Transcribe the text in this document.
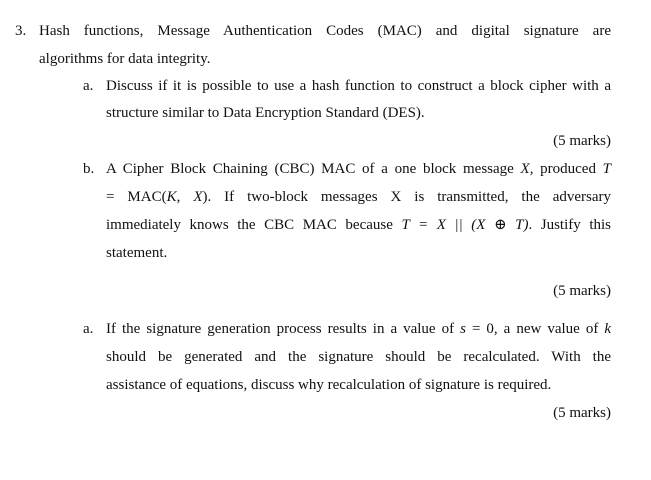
3. Hash functions, Message Authentication Codes (MAC) and digital signature are
algorithms for data integrity.
a. Discuss if it is possible to use a hash function to construct a block cipher with a
structure similar to Data Encryption Standard (DES).
(5 marks)
b. A Cipher Block Chaining (CBC) MAC of a one block message X, produced T
= MAC(K, X). If two-block messages X is transmitted, the adversary
immediately knows the CBC MAC because T = X || (X ⊕ T). Justify this
statement.
(5 marks)
a. If the signature generation process results in a value of s = 0, a new value of k
should be generated and the signature should be recalculated. With the
assistance of equations, discuss why recalculation of signature is required.
(5 marks)
